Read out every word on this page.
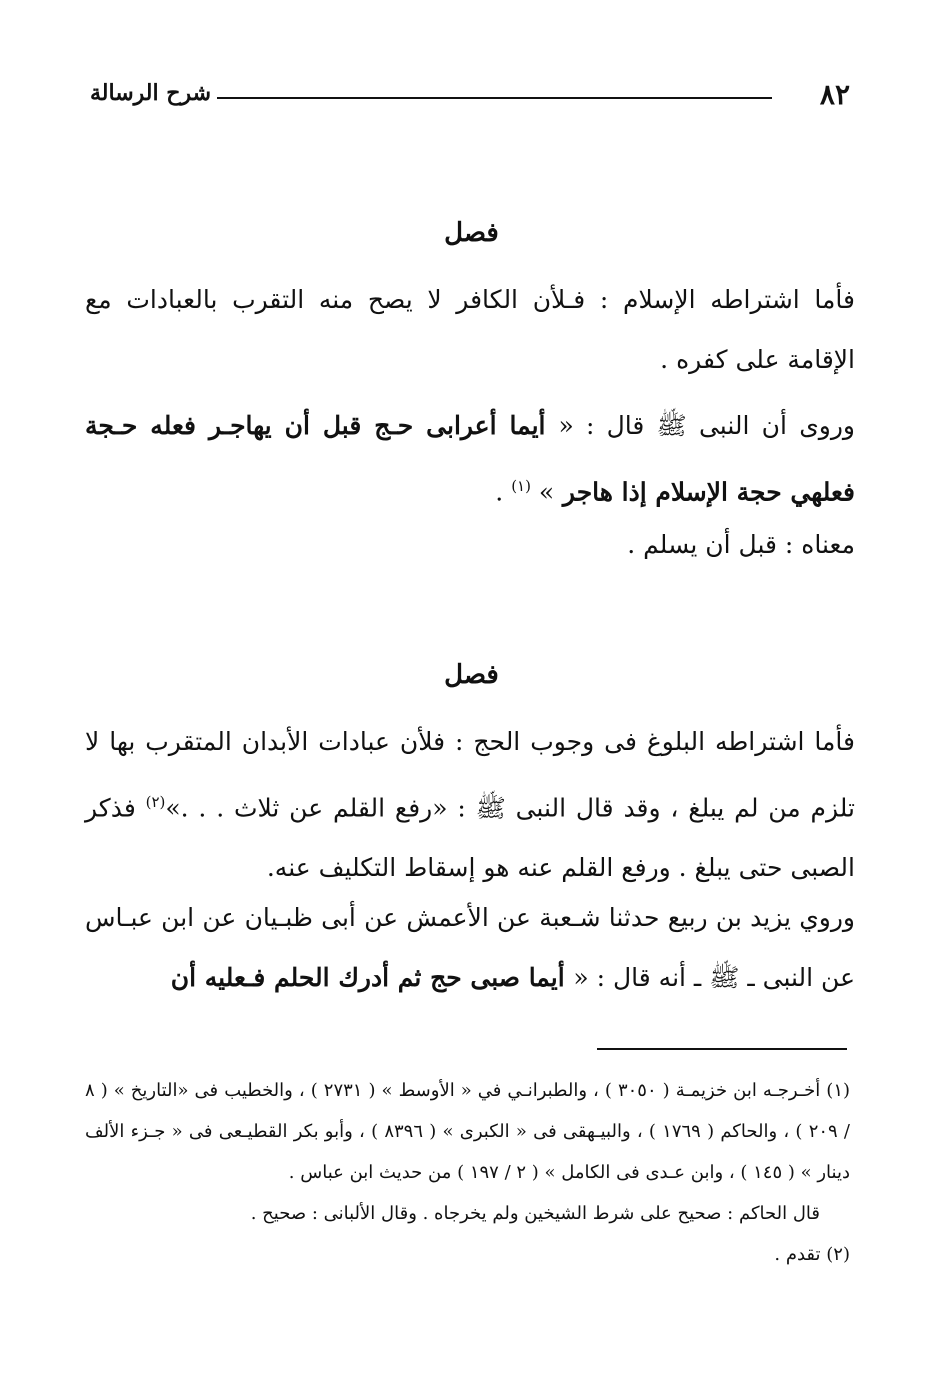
٨٢
شرح الرسالة
فصل
فأما اشتراطه الإسلام : فـلأن الكافر لا يصح منه التقرب بالعبادات مع الإقامة على كفره .
وروى أن النبى ﷺ قال : « أيما أعرابى حـج قبل أن يهاجـر فعله حـجة فعلهي حجة الإسلام إذا هاجر » $^{(١)}$ .
معناه : قبل أن يسلم .
فصل
فأما اشتراطه البلوغ فى وجوب الحج : فلأن عبادات الأبدان المتقرب بها لا تلزم من لم يبلغ ، وقد قال النبى ﷺ : «رفع القلم عن ثلاث . . .»$^{(٢)}$ فذكر الصبى حتى يبلغ . ورفع القلم عنه هو إسقاط التكليف عنه.
وروي يزيد بن ربيع حدثنا شـعبة عن الأعمش عن أبى ظبـيان عن ابن عبـاس عن النبى ـ ﷺ ـ أنه قال : « أيما صبى حج ثم أدرك الحلم فـعليه أن

(١) أخـرجـه ابن خزيمـة ( ٣٠٥٠ ) ، والطبرانـي في « الأوسط » ( ٢٧٣١ ) ، والخطيب فى «التاريخ » ( ٨ / ٢٠٩ ) ، والحاكم ( ١٧٦٩ ) ، والبيـهقى فى « الكبرى » ( ٨٣٩٦ ) ، وأبو بكر القطيـعى فى « جـزء الألف دينار » ( ١٤٥ ) ، وابن عـدى فى الكامل » ( ٢ / ١٩٧ ) من حديث ابن عباس .

قال الحاكم : صحيح على شرط الشيخين ولم يخرجاه . وقال الألبانى : صحيح .

(٢) تقدم .
